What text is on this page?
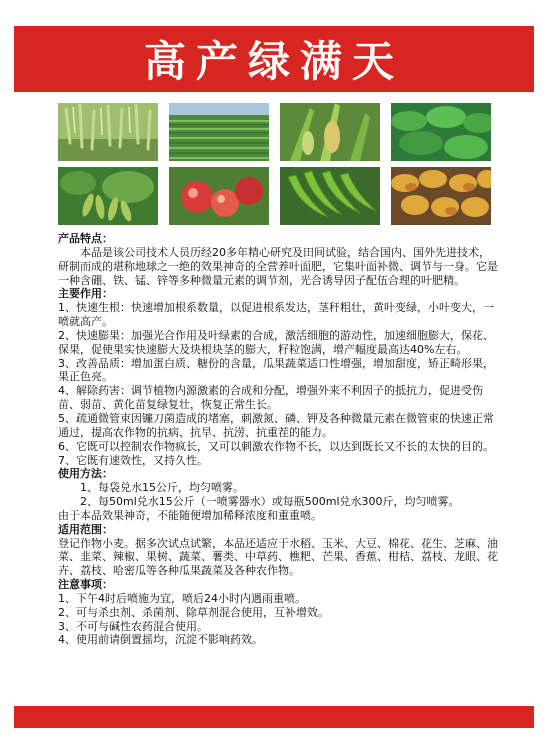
高产绿满天

产品特点：

本品是该公司技术人员历经20多年精心研究及田间试验，结合国内、国外先进技术，研制而成的堪称地球之一绝的效果神奇的全营养叶面肥，它集叶面补微、调节与一身。它是一种含硼、铁、锰、锌等多种微量元素的调节剂，光合诱导因子配伍合理的叶肥精。

主要作用：

1、快速生根：快速增加根系数量，以促进根系发达，茎秆粗壮，黄叶变绿，小叶变大，一喷就高产。

2、快速膨果：加强光合作用及叶绿素的合成，激活细胞的游动性，加速细胞膨大，保花、保果，促使果实快速膨大及块根块茎的膨大，籽粒饱满，增产幅度最高达40%左右。

3、改善品质：增加蛋白质、糖份的含量，瓜果蔬菜适口性增强，增加甜度，矫正畸形果，果正色亮。

4、解除药害：调节植物内源激素的合成和分配，增强外来不利因子的抵抗力，促进受伤苗、弱苗、黄化苗复绿复壮，恢复正常生长。

5、疏通微管束因镰刀菌造成的堵塞，刺激氮、磷、钾及各种微量元素在微管束的快速正常通过，提高农作物的抗病、抗旱、抗涝、抗重茬的能力。

6、它既可以控制农作物疯长，又可以刺激农作物不长，以达到既长又不长的太快的目的。

7、它既有速效性，又持久性。

使用方法：

1、每袋兑水15公斤，均匀喷雾。

2、每50ml兑水15公斤（一喷雾器水）或每瓶500ml兑水300斤，均匀喷雾。

由于本品效果神奇，不能随便增加稀释浓度和重重喷。

适用范围：

登记作物小麦。据多次试点试繁，本品还适应于水稻、玉米、大豆、棉花、花生、芝麻、油菜、韭菜、辣椒、果树、蔬菜、薯类、中草药、樵粑、芒果、香蕉、柑桔、荔枝、龙眼、花卉、荔枝、哈密瓜等各种瓜果蔬菜及各种农作物。

注意事项：

1、下午4时后喷施为宜，喷后24小时内遇雨重喷。

2、可与杀虫剂、杀菌剂、除草剂混合使用，互补增效。

3、不可与碱性农药混合使用。

4、使用前请倒置摇均，沉淀不影响药效。
